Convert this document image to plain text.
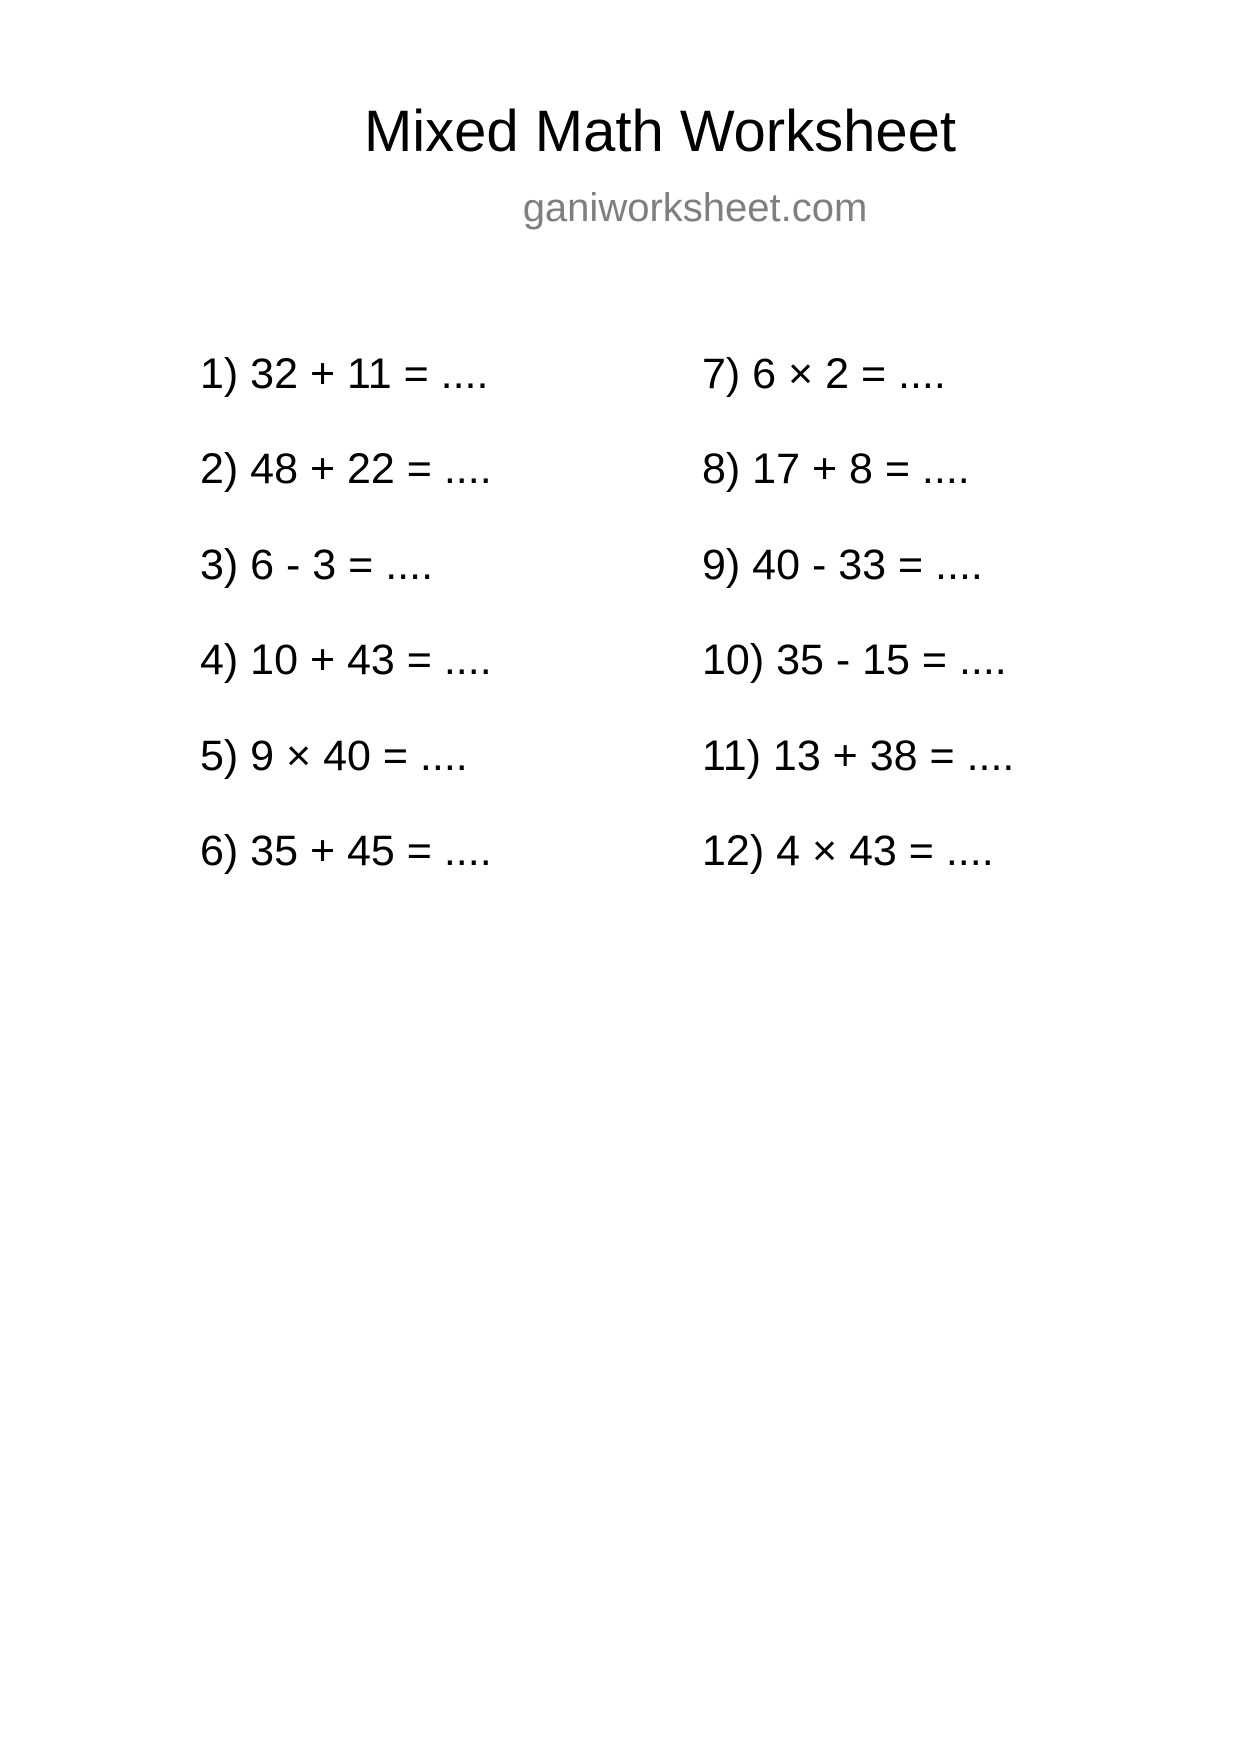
Mixed Math Worksheet
ganiworksheet.com
1) 32 + 11 = ....
2) 48 + 22 = ....
3) 6 - 3 = ....
4) 10 + 43 = ....
5) 9 × 40 = ....
6) 35 + 45 = ....
7) 6 × 2 = ....
8) 17 + 8 = ....
9) 40 - 33 = ....
10) 35 - 15 = ....
11) 13 + 38 = ....
12) 4 × 43 = ....
